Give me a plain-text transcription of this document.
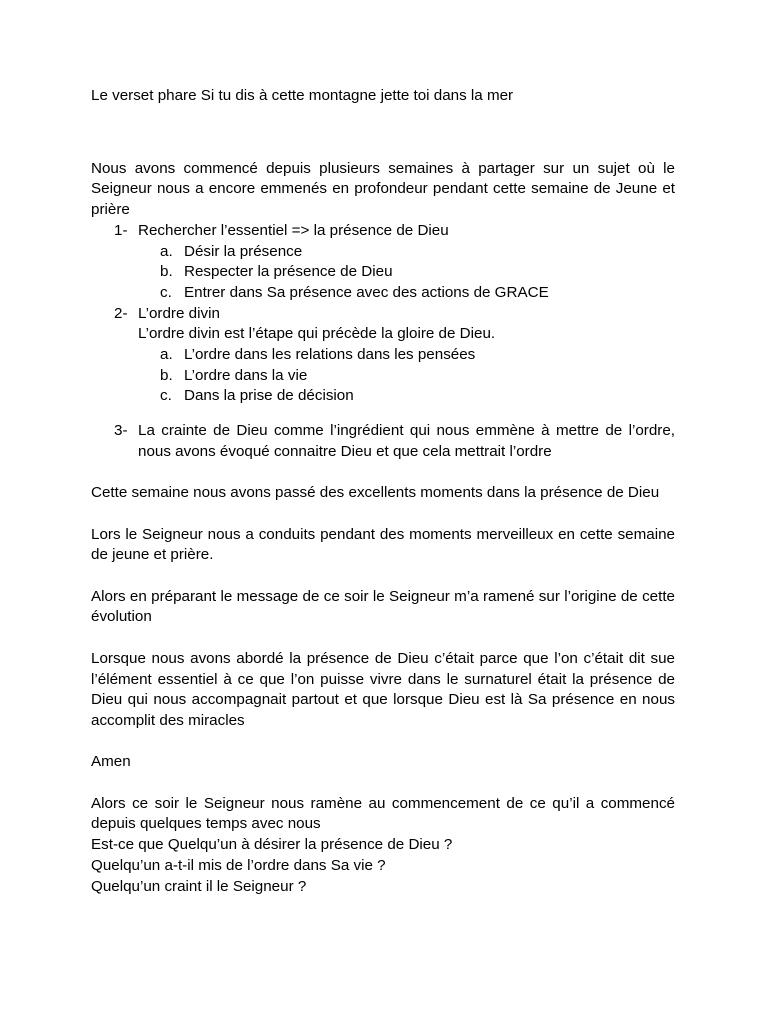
Le verset phare Si tu dis à cette montagne jette toi dans la mer

Nous avons commencé depuis plusieurs semaines à partager sur un sujet où le Seigneur nous a encore emmenés en profondeur pendant cette semaine de Jeune et prière

1- Rechercher l’essentiel => la présence de Dieu
a. Désir la présence
b. Respecter la présence de Dieu
c. Entrer dans Sa présence avec des actions de GRACE
2- L’ordre divin

L’ordre divin est l’étape qui précède la gloire de Dieu.

a. L’ordre dans les relations dans les pensées
b. L’ordre dans la vie
c. Dans la prise de décision
3- La crainte de Dieu comme l’ingrédient qui nous emmène à mettre de l’ordre, nous avons évoqué connaitre Dieu et que cela mettrait l’ordre

Cette semaine nous avons passé des excellents moments dans la présence de Dieu

Lors le Seigneur nous a conduits pendant des moments merveilleux en cette semaine de jeune et prière.

Alors en préparant le message de ce soir le Seigneur m’a ramené sur l’origine de cette évolution

Lorsque nous avons abordé la présence de Dieu c’était parce que l’on c’était dit sue l’élément essentiel à ce que l’on puisse vivre dans le surnaturel était la présence de Dieu qui nous accompagnait partout et que lorsque Dieu est là Sa présence en nous accomplit des miracles

Amen

Alors ce soir le Seigneur nous ramène au commencement de ce qu’il a commencé depuis quelques temps avec nous

Est-ce que Quelqu’un à désirer la présence de Dieu ?

Quelqu’un a-t-il mis de l’ordre dans Sa vie ?

Quelqu’un craint il le Seigneur ?
